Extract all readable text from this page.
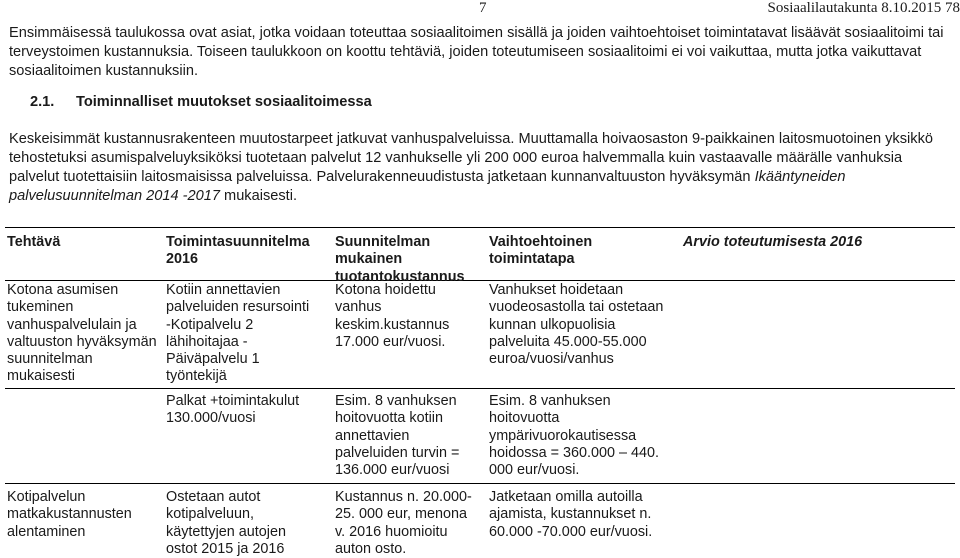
7	Sosiaalilautakunta 8.10.2015 78
Ensimmäisessä taulukossa ovat asiat, jotka voidaan toteuttaa sosiaalitoimen sisällä ja joiden vaihtoehtoiset toimintatavat lisäävät sosiaalitoimi tai terveystoimen kustannuksia. Toiseen taulukkoon on koottu tehtäviä, joiden toteutumiseen sosiaalitoimi ei voi vaikuttaa, mutta jotka vaikuttavat sosiaalitoimen kustannuksiin.
2.1. Toiminnalliset muutokset sosiaalitoimessa
Keskeisimmät kustannusrakenteen muutostarpeet jatkuvat vanhuspalveluissa. Muuttamalla hoivaosaston 9-paikkainen laitosmuotoinen yksikkö tehostetuksi asumispalveluyksiköksi tuotetaan palvelut 12 vanhukselle yli 200 000 euroa halvemmalla kuin vastaavalle määrälle vanhuksia palvelut tuotettaisiin laitosmaisissa palveluissa. Palvelurakenneuudistusta jatketaan kunnanvaltuuston hyväksymän Ikääntyneiden palvelusuunnitelman 2014 -2017 mukaisesti.
Tehtävä	Toimintasuunnitelma 2016
Suunnitelman mukainen tuotantokustannus
Vaihtoehtoinen toimintatapa
Arvio toteutumisesta 2016
Kotona asumisen tukeminen vanhuspalvelulain ja valtuuston hyväksymän suunnitelman mukaisesti
Kotiin annettavien palveluiden resursointi -Kotipalvelu 2 lähihoitajaa -Päiväpalvelu 1 työntekijä
Kotona hoidettu vanhus keskim.kustannus 17.000 eur/vuosi.
Vanhukset hoidetaan vuodeosastolla tai ostetaan kunnan ulkopuolisia palveluita 45.000-55.000 euroa/vuosi/vanhus
Palkat +toimintakulut 130.000/vuosi
Esim. 8 vanhuksen hoitovuotta kotiin annettavien palveluiden turvin = 136.000 eur/vuosi
Esim. 8 vanhuksen hoitovuotta ympärivuorokautisessa hoidossa = 360.000 – 440. 000 eur/vuosi.
Kotipalvelun matkakustannusten alentaminen
Ostetaan autot kotipalveluun, käytettyjen autojen ostot 2015 ja 2016
Kustannus n. 20.000-25. 000 eur, menona v. 2016 huomioitu auton osto.
Jatketaan omilla autoilla ajamista, kustannukset n. 60.000 -70.000 eur/vuosi.
